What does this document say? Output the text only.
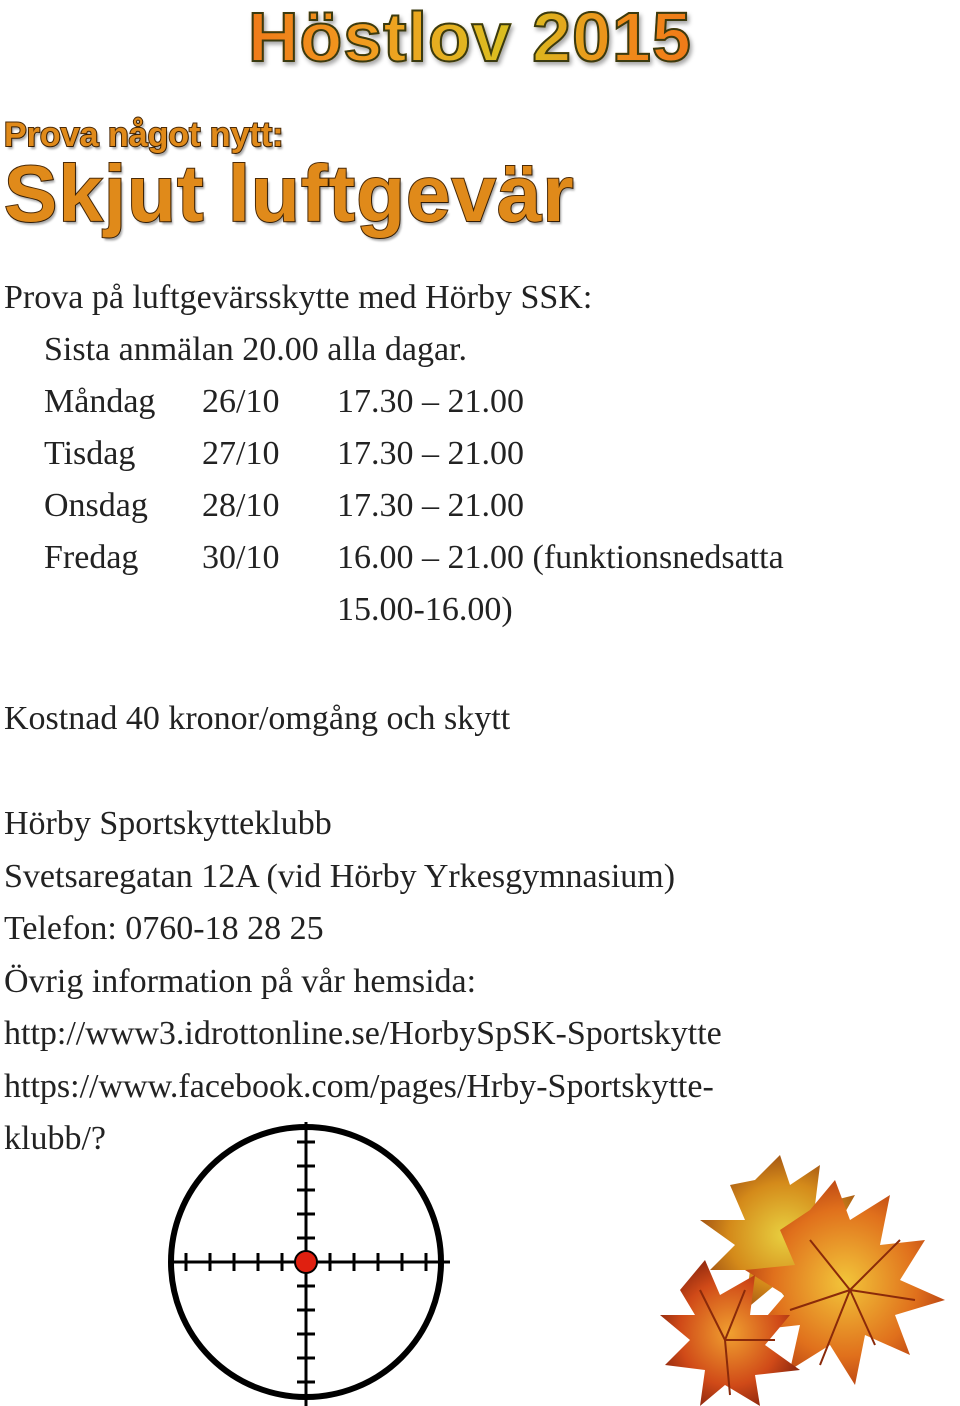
Höstlov 2015
Prova något nytt:
Skjut luftgevär

Prova på luftgevärsskytte med Hörby SSK:

Sista anmälan 20.00 alla dagar.

Måndag	26/10	17.30 – 21.00
Tisdag	27/10	17.30 – 21.00
Onsdag	28/10	17.30 – 21.00
Fredag	30/10	16.00 – 21.00 (funktionsnedsatta
		15.00-16.00)

Kostnad 40 kronor/omgång och skytt

Hörby Sportskytteklubb

Svetsaregatan 12A (vid Hörby Yrkesgymnasium)

Telefon: 0760-18 28 25

Övrig information på vår hemsida:

http://www3.idrottonline.se/HorbySpSK-Sportskytte

https://www.facebook.com/pages/Hrby-Sportskytte-

klubb/?
